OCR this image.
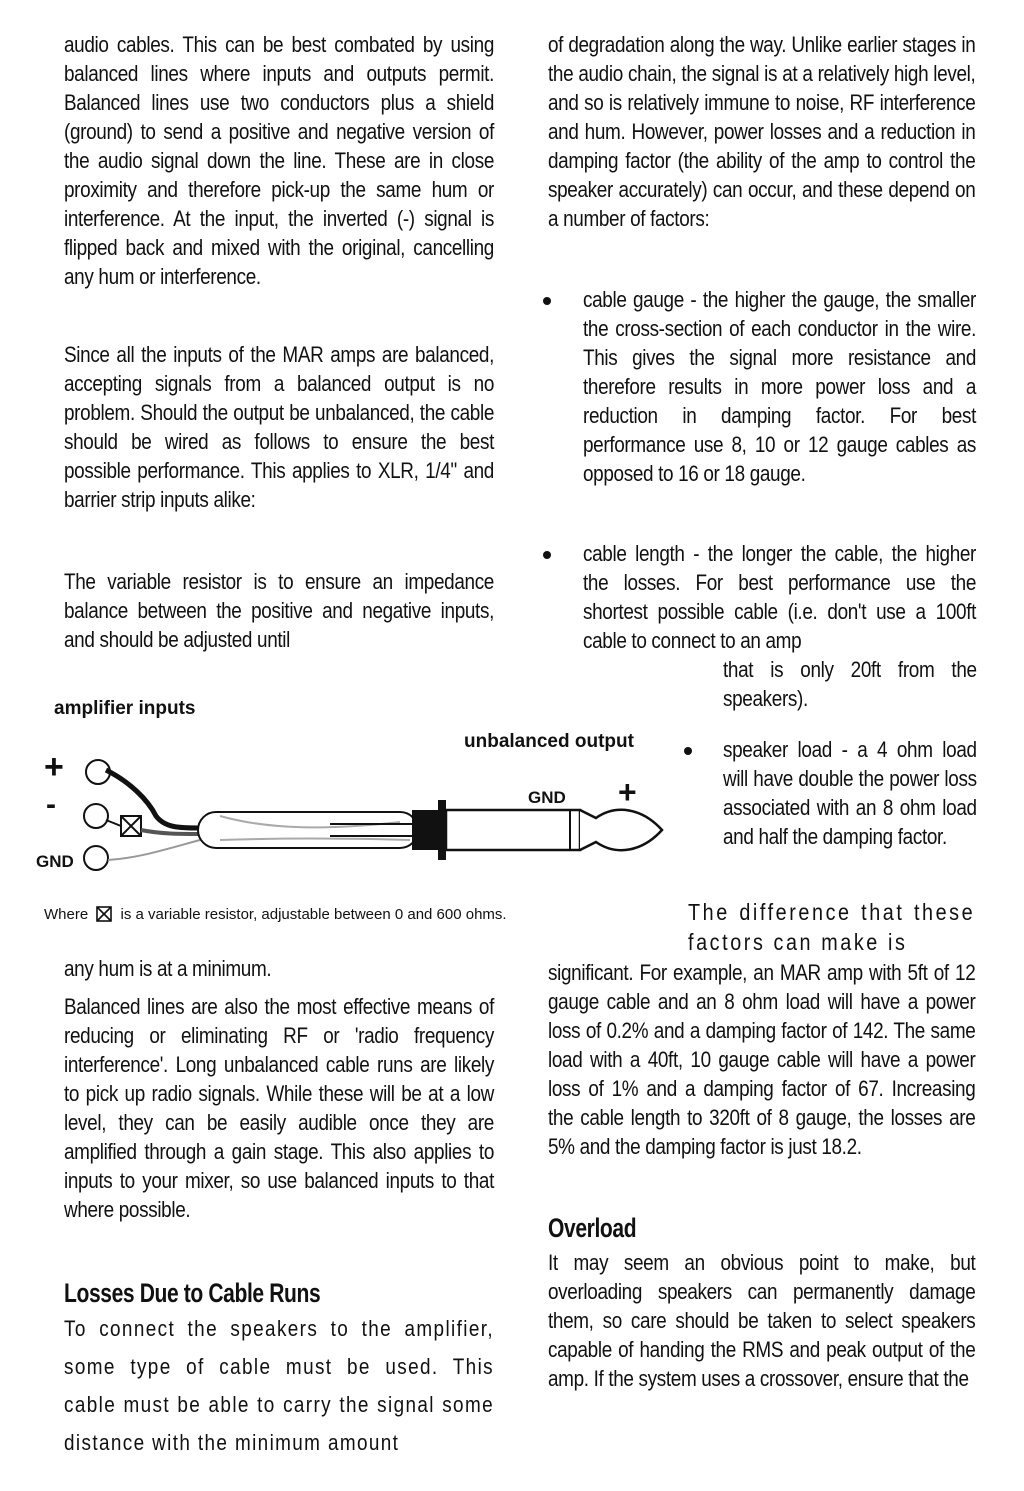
audio cables. This can be best combated by using balanced lines where inputs and outputs permit. Balanced lines use two conductors plus a shield (ground) to send a positive and negative version of the audio signal down the line. These are in close proximity and therefore pick-up the same hum or interference. At the input, the inverted (-) signal is flipped back and mixed with the original, cancelling any hum or interference.

Since all the inputs of the MAR amps are balanced, accepting signals from a balanced output is no problem. Should the output be unbalanced, the cable should be wired as follows to ensure the best possible performance. This applies to XLR, 1/4" and barrier strip inputs alike:

The variable resistor is to ensure an impedance balance between the positive and negative inputs, and should be adjusted until

amplifier inputs
unbalanced output
+
-
GND
GND +
Where is a variable resistor, adjustable between 0 and 600 ohms.

any hum is at a minimum.

Balanced lines are also the most effective means of reducing or eliminating RF or 'radio frequency interference'. Long unbalanced cable runs are likely to pick up radio signals. While these will be at a low level, they can be easily audible once they are amplified through a gain stage. This also applies to inputs to your mixer, so use balanced inputs to that where possible.

Losses Due to Cable Runs

To connect the speakers to the amplifier, some type of cable must be used. This cable must be able to carry the signal some distance with the minimum amount

of degradation along the way. Unlike earlier stages in the audio chain, the signal is at a relatively high level, and so is relatively immune to noise, RF interference and hum. However, power losses and a reduction in damping factor (the ability of the amp to control the speaker accurately) can occur, and these depend on a number of factors:

cable gauge - the higher the gauge, the smaller the cross-section of each conductor in the wire. This gives the signal more resistance and therefore results in more power loss and a reduction in damping factor. For best performance use 8, 10 or 12 gauge cables as opposed to 16 or 18 gauge.

cable length - the longer the cable, the higher the losses. For best performance use the shortest possible cable (i.e. don't use a 100ft cable to connect to an amp

that is only 20ft from the speakers).

speaker load - a 4 ohm load will have double the power loss associated with an 8 ohm load and half the damping factor.

The difference that these factors can make is

significant. For example, an MAR amp with 5ft of 12 gauge cable and an 8 ohm load will have a power loss of 0.2% and a damping factor of 142. The same load with a 40ft, 10 gauge cable will have a power loss of 1% and a damping factor of 67. Increasing the cable length to 320ft of 8 gauge, the losses are 5% and the damping factor is just 18.2.

Overload

It may seem an obvious point to make, but overloading speakers can permanently damage them, so care should be taken to select speakers capable of handing the RMS and peak output of the amp. If the system uses a crossover, ensure that the
